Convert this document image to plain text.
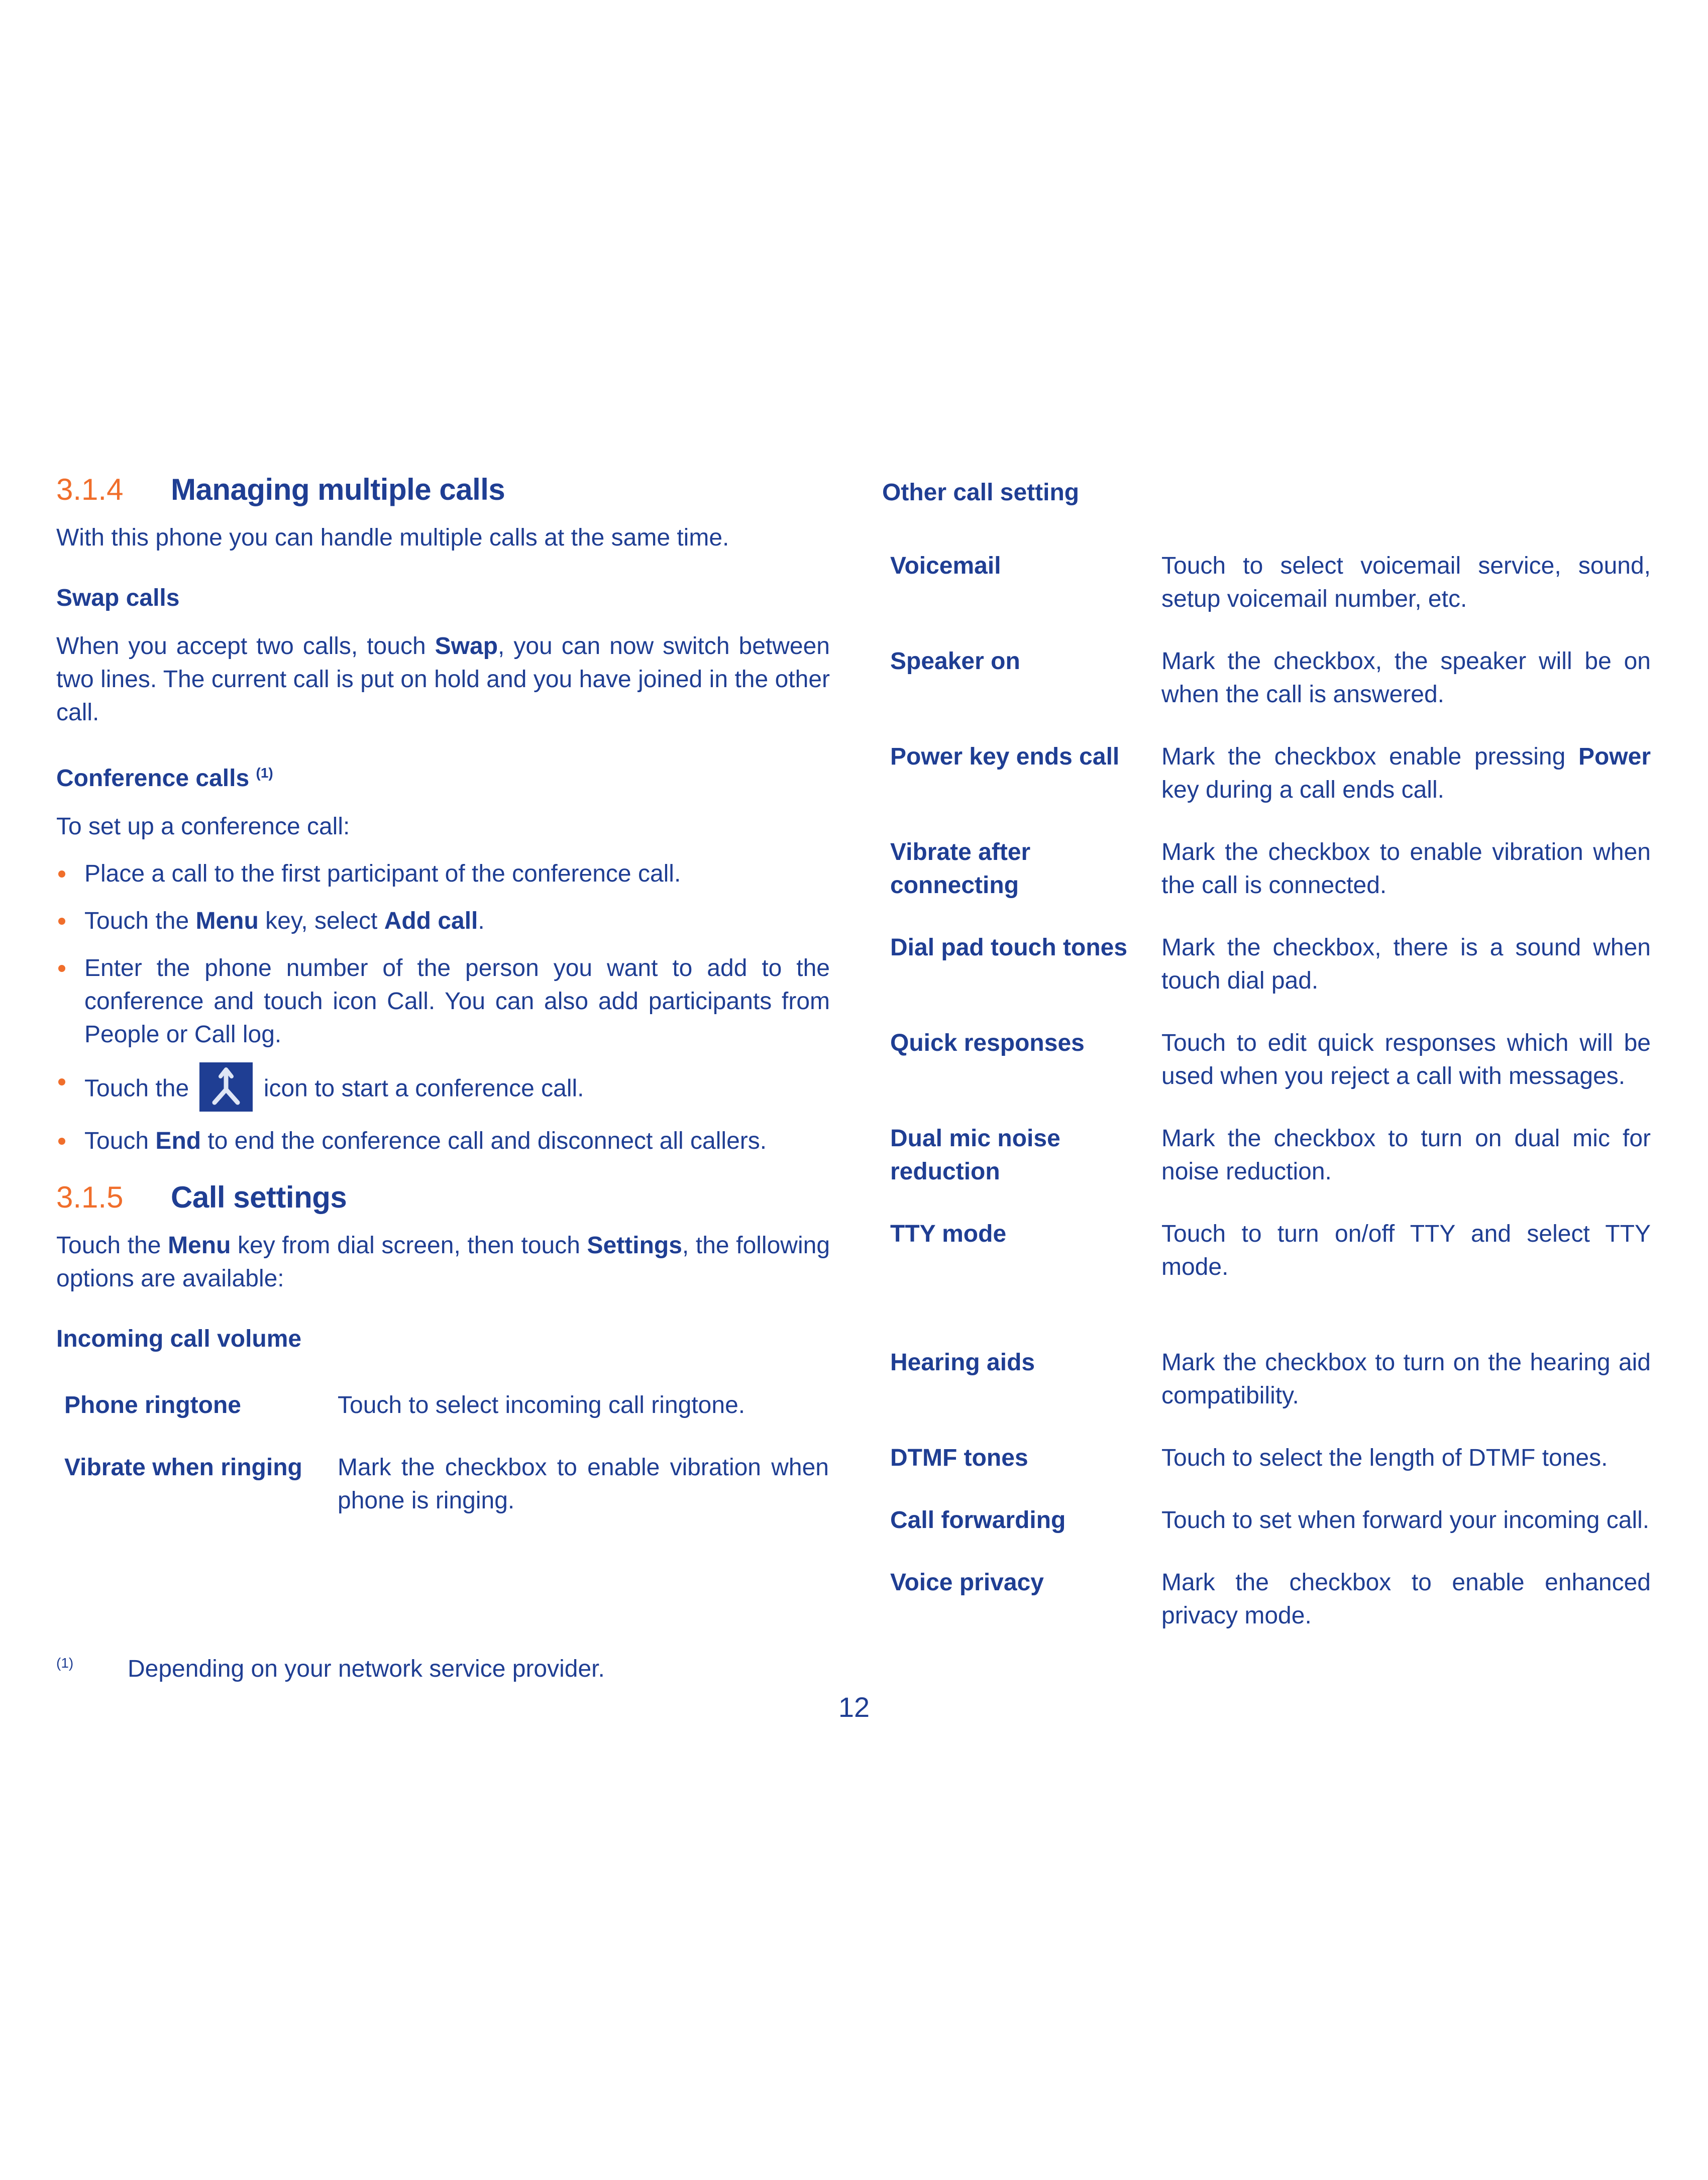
3.1.4	Managing multiple calls

With this phone you can handle multiple calls at the same time.

Swap calls

When you accept two calls, touch Swap, you can now switch between two lines. The current call is put on hold and you have joined in the other call.

Conference calls $^{(1)}$

To set up a conference call:

Place a call to the first participant of the conference call.
Touch the Menu key, select Add call.
Enter the phone number of the person you want to add to the conference and touch icon Call. You can also add participants from People or Call log.
Touch the	icon to start a conference call.
Touch End to end the conference call and disconnect all callers.
3.1.5	Call settings

Touch the Menu key from dial screen, then touch Settings, the following options are available:

Incoming call volume

Phone ringtone	Touch to select incoming call ringtone.
Vibrate when ringing	Mark the checkbox to enable vibration when phone is ringing.

Other call setting

Voicemail	Touch to select voicemail service, sound, setup voicemail number, etc.
Speaker on	Mark the checkbox, the speaker will be on when the call is answered.
Power key ends call	Mark the checkbox enable pressing Power key during a call ends call.
Vibrate after
connecting	Mark the checkbox to enable vibration when the call is connected.
Dial pad touch tones	Mark the checkbox, there is a sound when touch dial pad.
Quick responses	Touch to edit quick responses which will be used when you reject a call with messages.
Dual mic noise
reduction	Mark the checkbox to turn on dual mic for noise reduction.
TTY mode	Touch to turn on/off TTY and select TTY mode.
Hearing aids	Mark the checkbox to turn on the hearing aid compatibility.
DTMF tones	Touch to select the length of DTMF tones.
Call forwarding	Touch to set when forward your incoming call.
Voice privacy	Mark the checkbox to enable enhanced privacy mode.
(1) Depending on your network service provider.
12
